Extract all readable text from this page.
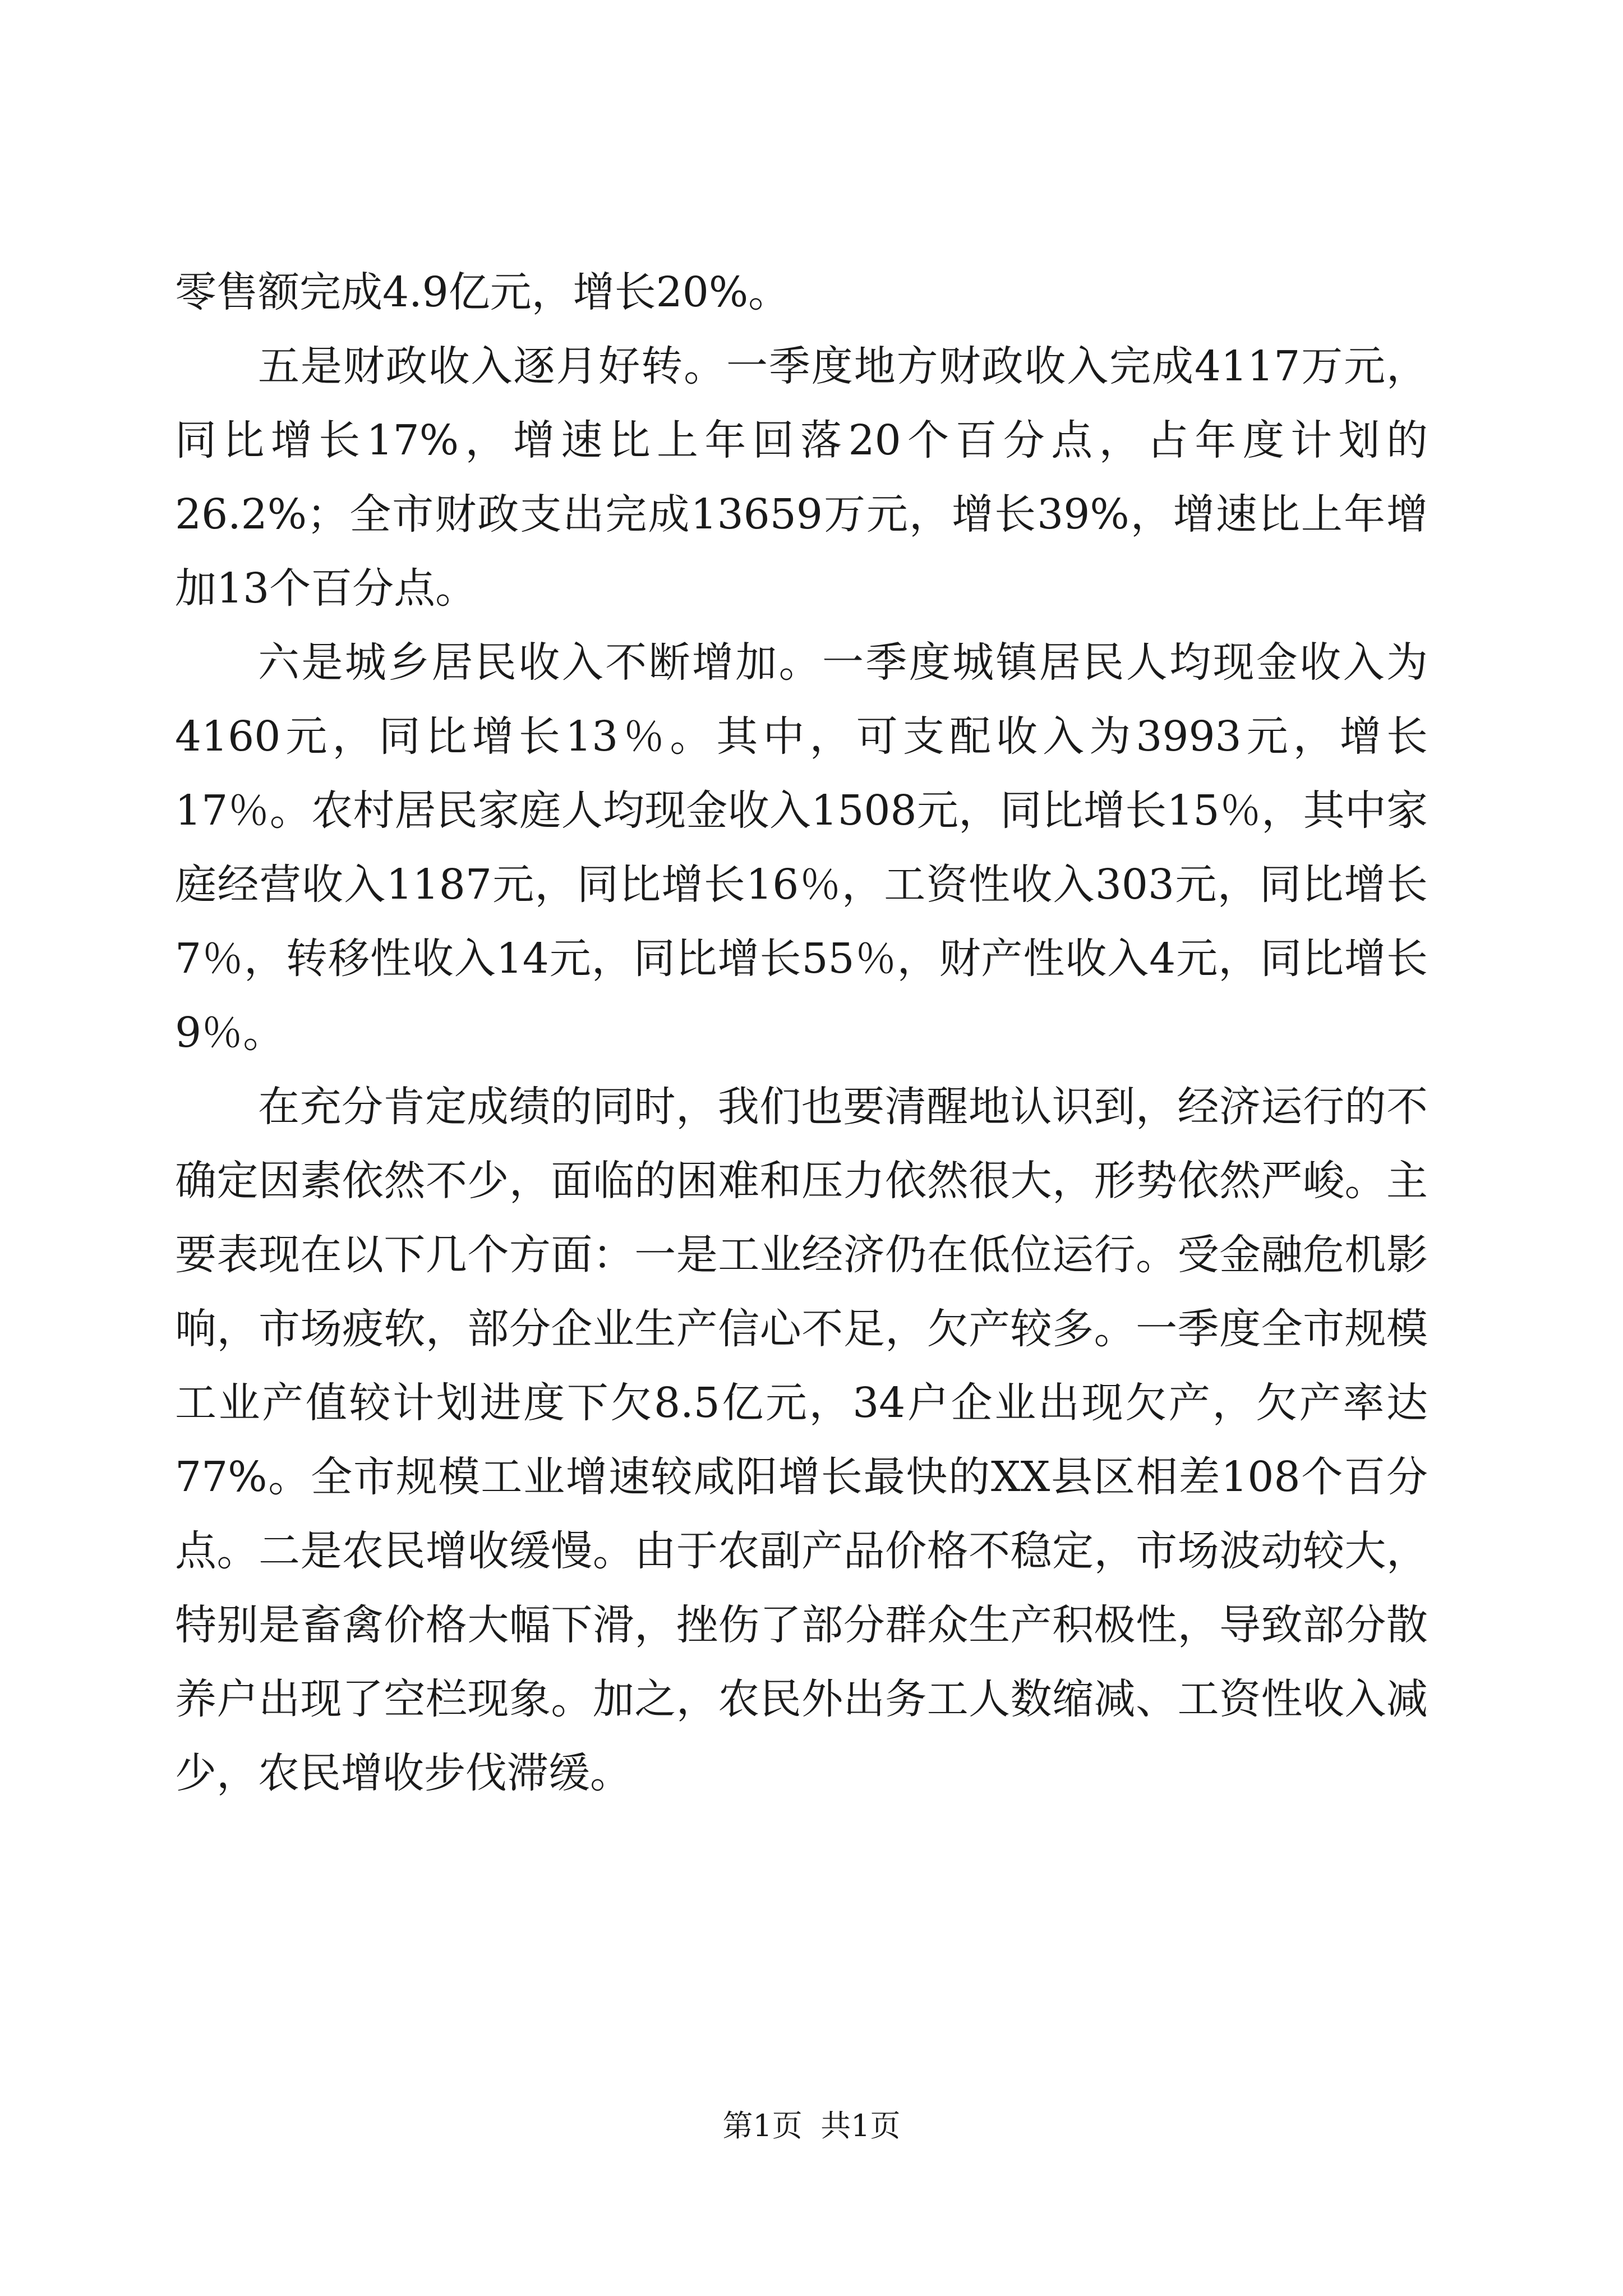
零售额完成4.9亿元，增长20%。

五是财政收入逐月好转。一季度地方财政收入完成4117万元，同比增长17%，增速比上年回落20个百分点，占年度计划的26.2%；全市财政支出完成13659万元，增长39%，增速比上年增加13个百分点。

六是城乡居民收入不断增加。一季度城镇居民人均现金收入为4160元，同比增长13％。其中，可支配收入为3993元，增长17％。农村居民家庭人均现金收入1508元，同比增长15％，其中家庭经营收入1187元，同比增长16％，工资性收入303元，同比增长7％，转移性收入14元，同比增长55％，财产性收入4元，同比增长9％。

在充分肯定成绩的同时，我们也要清醒地认识到，经济运行的不确定因素依然不少，面临的困难和压力依然很大，形势依然严峻。主要表现在以下几个方面：一是工业经济仍在低位运行。受金融危机影响，市场疲软，部分企业生产信心不足，欠产较多。一季度全市规模工业产值较计划进度下欠8.5亿元，34户企业出现欠产，欠产率达77%。全市规模工业增速较咸阳增长最快的XX县区相差108个百分点。二是农民增收缓慢。由于农副产品价格不稳定，市场波动较大，特别是畜禽价格大幅下滑，挫伤了部分群众生产积极性，导致部分散养户出现了空栏现象。加之，农民外出务工人数缩减、工资性收入减少，农民增收步伐滞缓。

第1页 共1页
